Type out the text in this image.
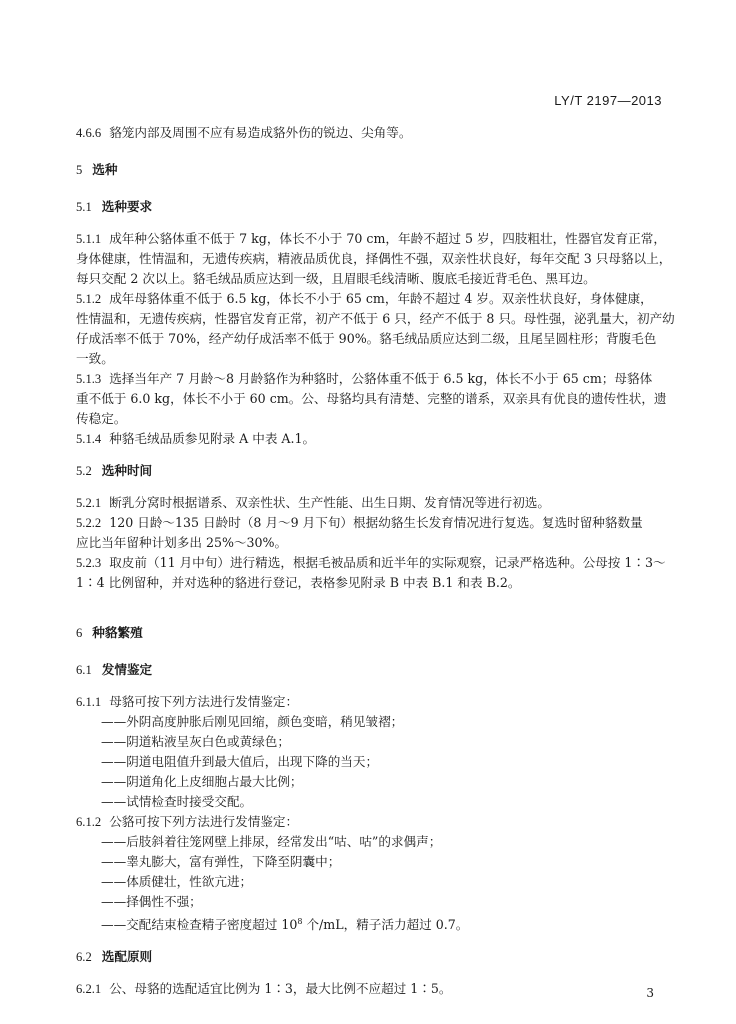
LY/T 2197—2013
4.6.6 貉笼内部及周围不应有易造成貉外伤的锐边、尖角等。
5 选种
5.1 选种要求
5.1.1 成年种公貉体重不低于 7 kg，体长不小于 70 cm，年龄不超过 5 岁，四肢粗壮，性器官发育正常，
身体健康，性情温和，无遗传疾病，精液品质优良，择偶性不强，双亲性状良好，每年交配 3 只母貉以上，
每只交配 2 次以上。貉毛绒品质应达到一级，且眉眼毛线清晰、腹底毛接近背毛色、黑耳边。
5.1.2 成年母貉体重不低于 6.5 kg，体长不小于 65 cm，年龄不超过 4 岁。双亲性状良好，身体健康，
性情温和，无遗传疾病，性器官发育正常，初产不低于 6 只，经产不低于 8 只。母性强，泌乳量大，初产幼
仔成活率不低于 70%，经产幼仔成活率不低于 90%。貉毛绒品质应达到二级，且尾呈圆柱形；背腹毛色
一致。
5.1.3 选择当年产 7 月龄～8 月龄貉作为种貉时，公貉体重不低于 6.5 kg，体长不小于 65 cm；母貉体
重不低于 6.0 kg，体长不小于 60 cm。公、母貉均具有清楚、完整的谱系，双亲具有优良的遗传性状，遗
传稳定。
5.1.4 种貉毛绒品质参见附录 A 中表 A.1。
5.2 选种时间
5.2.1 断乳分窝时根据谱系、双亲性状、生产性能、出生日期、发育情况等进行初选。
5.2.2 120 日龄～135 日龄时（8 月～9 月下旬）根据幼貉生长发育情况进行复选。复选时留种貉数量
应比当年留种计划多出 25%～30%。
5.2.3 取皮前（11 月中旬）进行精选，根据毛被品质和近半年的实际观察，记录严格选种。公母按 1∶3～
1∶4 比例留种，并对选种的貉进行登记，表格参见附录 B 中表 B.1 和表 B.2。
6 种貉繁殖
6.1 发情鉴定
6.1.1 母貉可按下列方法进行发情鉴定：
——外阴高度肿胀后刚见回缩，颜色变暗，稍见皱褶；
——阴道粘液呈灰白色或黄绿色；
——阴道电阻值升到最大值后，出现下降的当天；
——阴道角化上皮细胞占最大比例；
——试情检查时接受交配。
6.1.2 公貉可按下列方法进行发情鉴定：
——后肢斜着往笼网壁上排尿，经常发出“咕、咕”的求偶声；
——睾丸膨大，富有弹性，下降至阴囊中；
——体质健壮，性欲亢进；
——择偶性不强；
——交配结束检查精子密度超过 $10^8$ 个/mL，精子活力超过 0.7。
6.2 选配原则
6.2.1 公、母貉的选配适宜比例为 1∶3，最大比例不应超过 1∶5。	3
